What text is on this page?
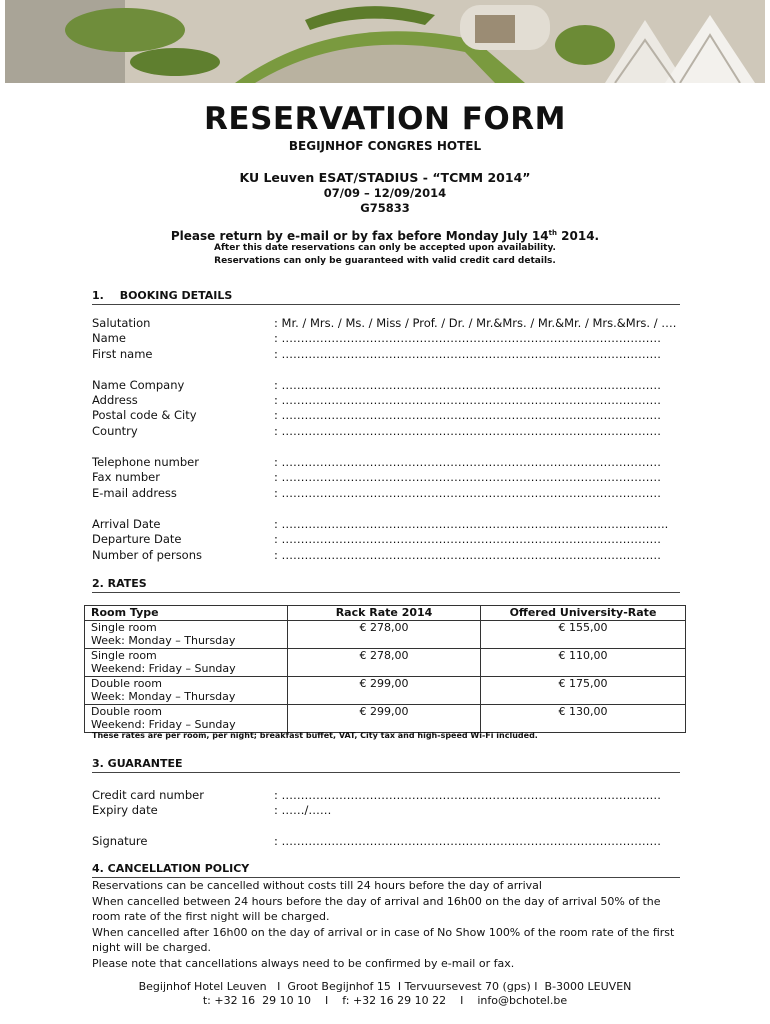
RESERVATION FORM
BEGIJNHOF CONGRES HOTEL
KU Leuven ESAT/STADIUS - “TCMM 2014”
07/09 – 12/09/2014
G75833
Please return by e-mail or by fax before Monday July 14th 2014.
After this date reservations can only be accepted upon availability.
Reservations can only be guaranteed with valid credit card details.
1. BOOKING DETAILS
Salutation	: Mr. / Mrs. / Ms. / Miss / Prof. / Dr. / Mr.&Mrs. / Mr.&Mr. / Mrs.&Mrs. / ….
Name	: ………………………………………………………………………………………
First name	: ………………………………………………………………………………………
Name Company	: ………………………………………………………………………………………
Address	: ………………………………………………………………………………………
Postal code & City	: ………………………………………………………………………………………
Country	: ………………………………………………………………………………………
Telephone number	: ………………………………………………………………………………………
Fax number	: ………………………………………………………………………………………
E-mail address	: ………………………………………………………………………………………
Arrival Date	: ………………………………………………………………………………………..
Departure Date	: ………………………………………………………………………………………
Number of persons	: ………………………………………………………………………………………
2. RATES
Room Type	Rack Rate 2014	Offered University-Rate

Single room
Week: Monday – Thursday	€ 278,00	€ 155,00

Single room
Weekend: Friday – Sunday	€ 278,00	€ 110,00

Double room
Week: Monday – Thursday	€ 299,00	€ 175,00

Double room
Weekend: Friday – Sunday	€ 299,00	€ 130,00
These rates are per room, per night; breakfast buffet, VAT, City tax and high-speed Wi-Fi included.
3. GUARANTEE
Credit card number	: ………………………………………………………………………………………
Expiry date	: ……/……
Signature	: ………………………………………………………………………………………
4. CANCELLATION POLICY
Reservations can be cancelled without costs till 24 hours before the day of arrival
When cancelled between 24 hours before the day of arrival and 16h00 on the day of arrival 50% of the room rate of the first night will be charged.
When cancelled after 16h00 on the day of arrival or in case of No Show 100% of the room rate of the first night will be charged.
Please note that cancellations always need to be confirmed by e-mail or fax.
Begijnhof Hotel Leuven   I  Groot Begijnhof 15  I Tervuursevest 70 (gps) I  B-3000 LEUVEN
t: +32 16  29 10 10    I    f: +32 16 29 10 22    I    info@bchotel.be
